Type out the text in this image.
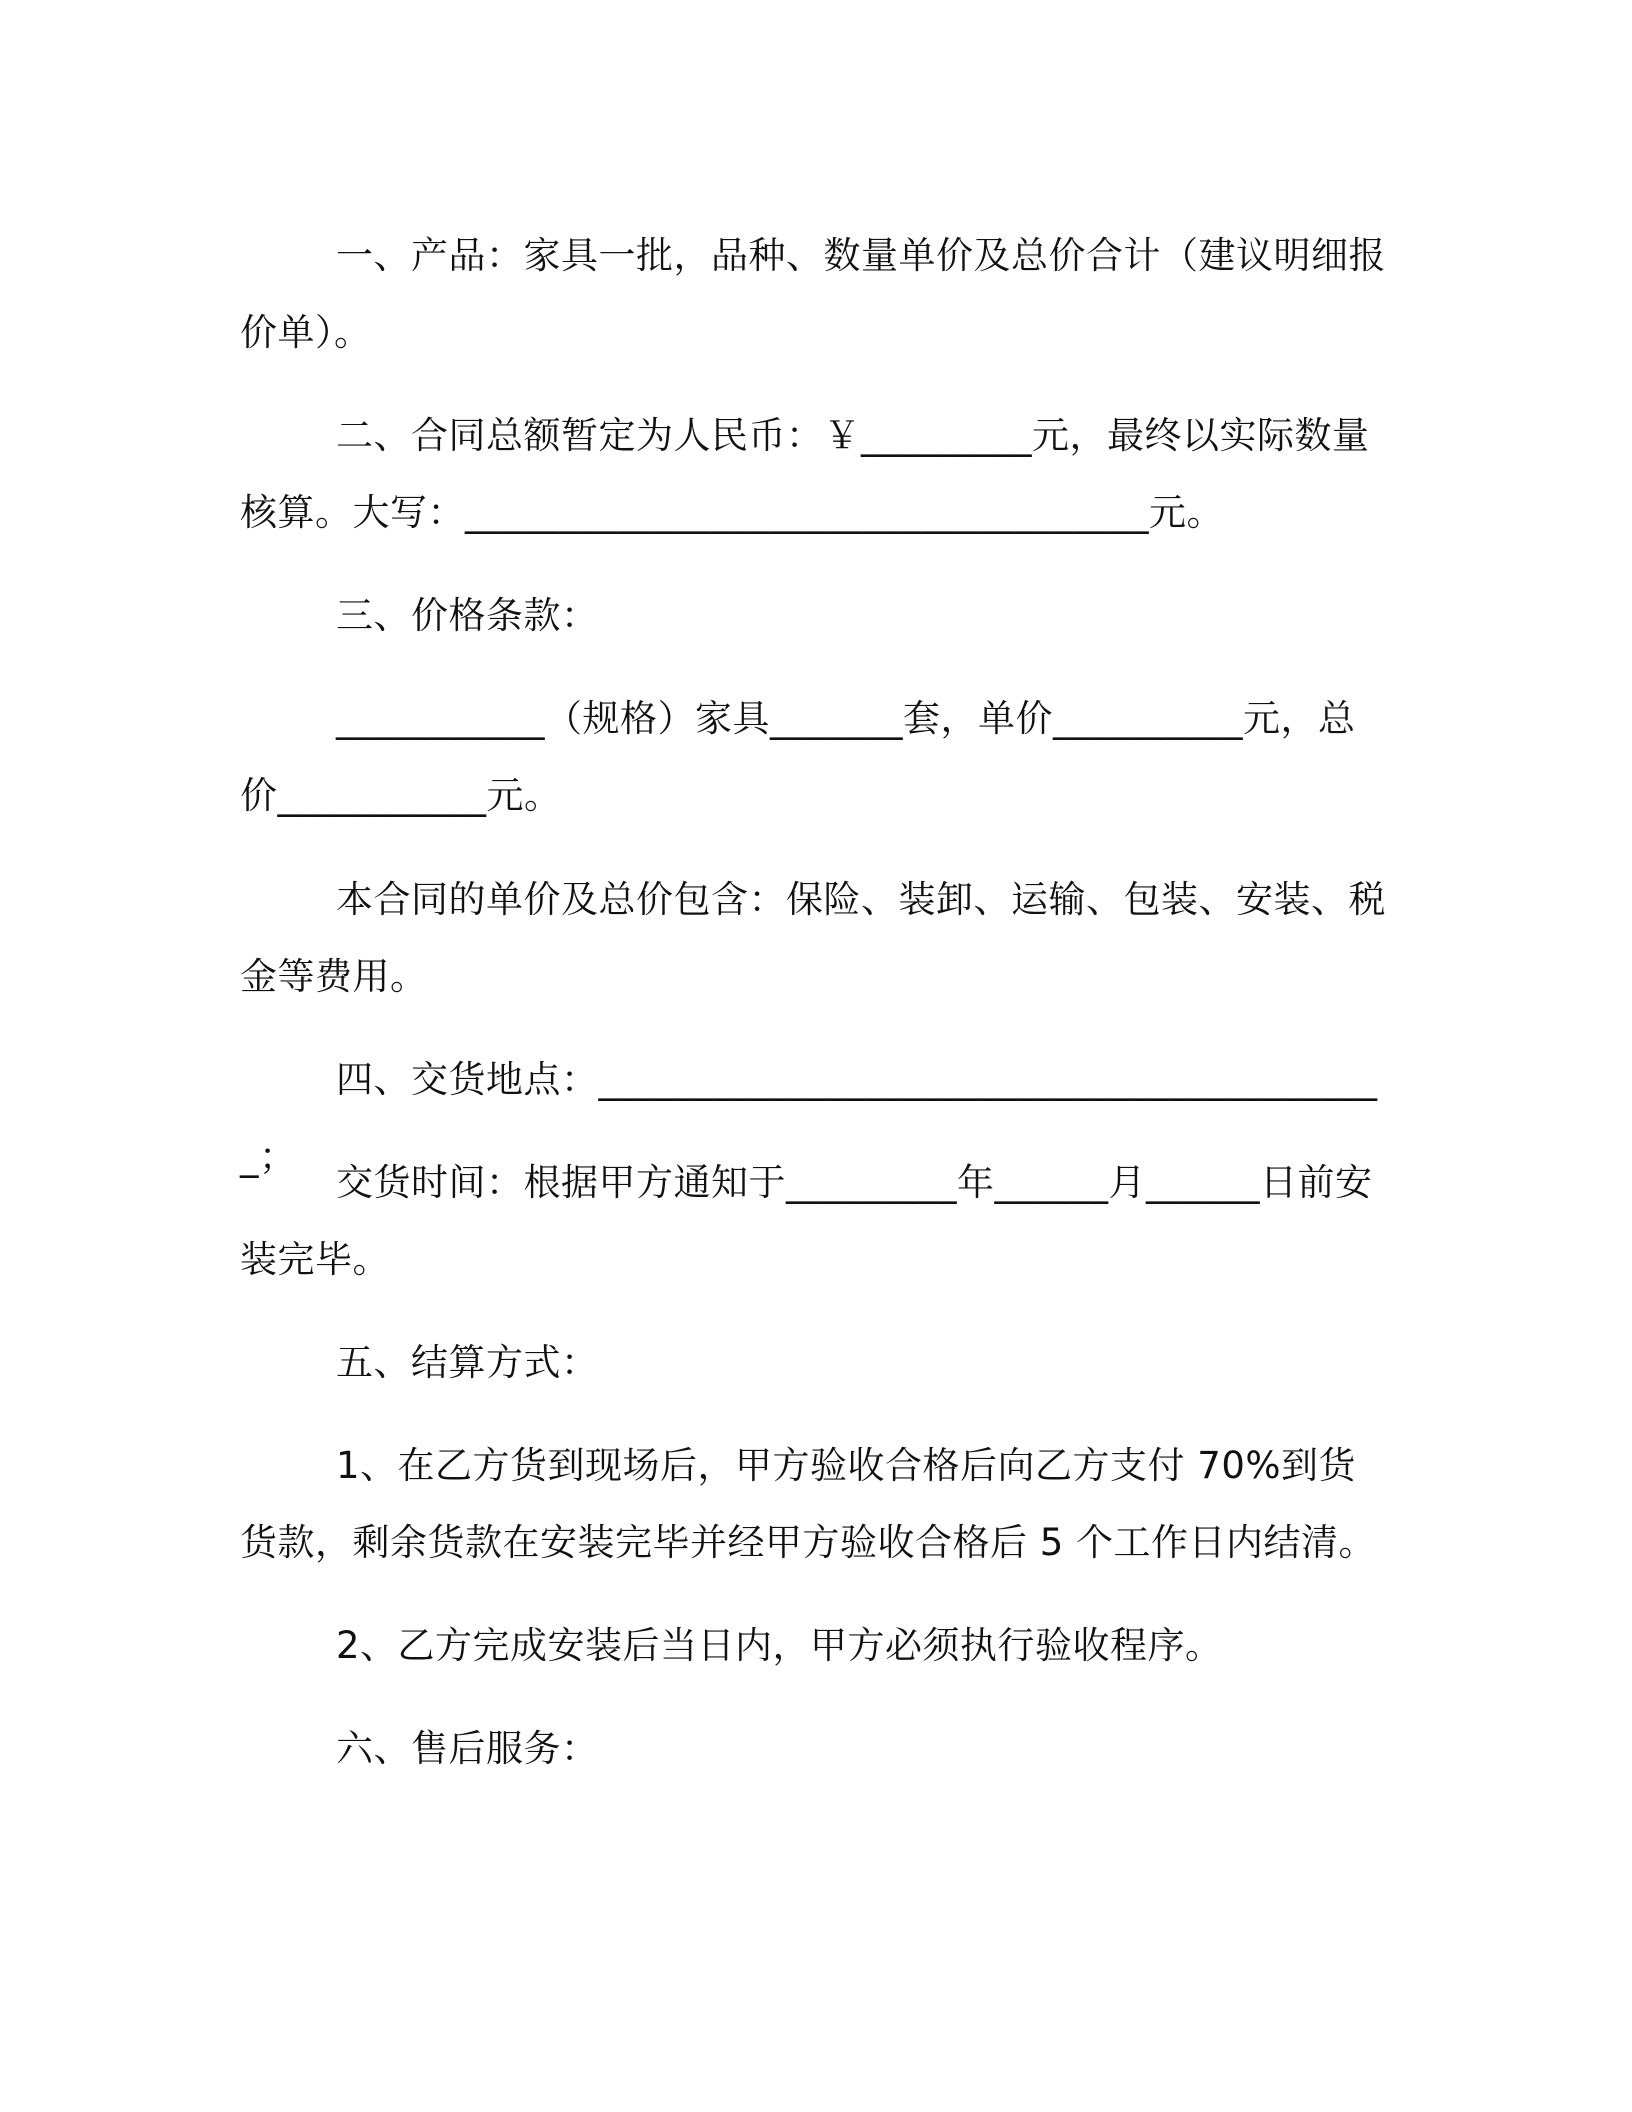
一、产品：家具一批，品种、数量单价及总价合计（建议明细报价单）。

二、合同总额暂定为人民币：￥_________元，最终以实际数量核算。大写：____________________________________元。

三、价格条款：

___________（规格）家具_______套，单价__________元，总价___________元。

本合同的单价及总价包含：保险、装卸、运输、包装、安装、税金等费用。

四、交货地点：__________________________________________；

交货时间：根据甲方通知于_________年______月______日前安装完毕。

五、结算方式：

1、在乙方货到现场后，甲方验收合格后向乙方支付 70%到货货款，剩余货款在安装完毕并经甲方验收合格后 5 个工作日内结清。

2、乙方完成安装后当日内，甲方必须执行验收程序。

六、售后服务：
